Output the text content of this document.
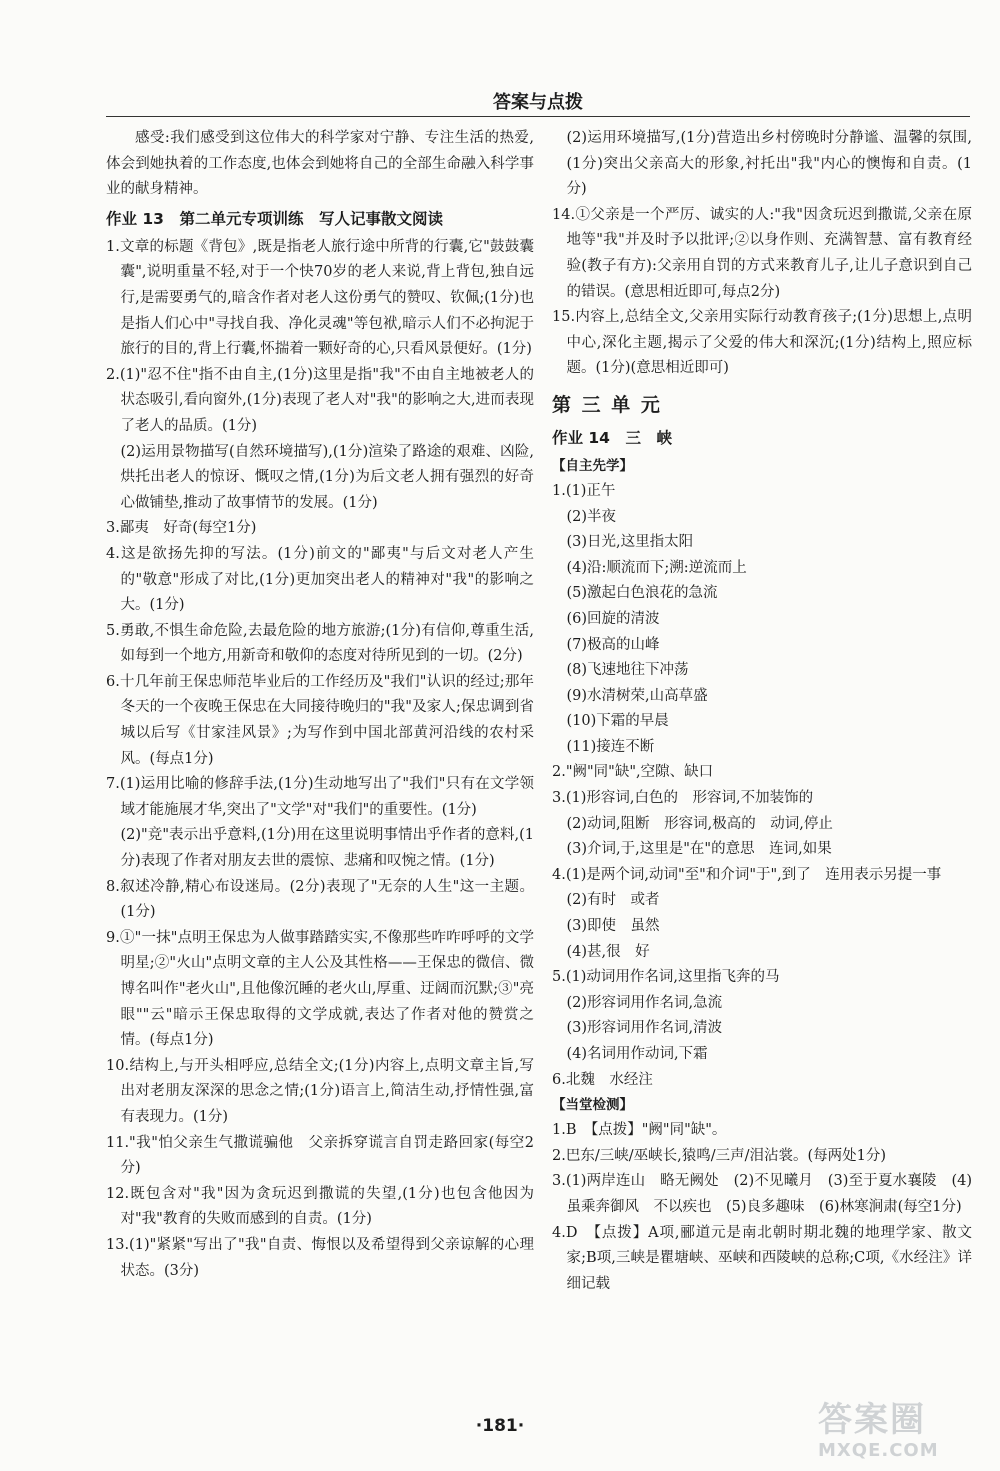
答案与点拨

感受:我们感受到这位伟大的科学家对宁静、专注生活的热爱,体会到她执着的工作态度,也体会到她将自己的全部生命融入科学事业的献身精神。

作业 13　第二单元专项训练　写人记事散文阅读

1.文章的标题《背包》,既是指老人旅行途中所背的行囊,它"鼓鼓囊囊",说明重量不轻,对于一个快70岁的老人来说,背上背包,独自远行,是需要勇气的,暗含作者对老人这份勇气的赞叹、钦佩;(1分)也是指人们心中"寻找自我、净化灵魂"等包袱,暗示人们不必拘泥于旅行的目的,背上行囊,怀揣着一颗好奇的心,只看风景便好。(1分)

2.(1)"忍不住"指不由自主,(1分)这里是指"我"不由自主地被老人的状态吸引,看向窗外,(1分)表现了老人对"我"的影响之大,进而表现了老人的品质。(1分)

(2)运用景物描写(自然环境描写),(1分)渲染了路途的艰难、凶险,烘托出老人的惊讶、慨叹之情,(1分)为后文老人拥有强烈的好奇心做铺垫,推动了故事情节的发展。(1分)

3.鄙夷　好奇(每空1分)

4.这是欲扬先抑的写法。(1分)前文的"鄙夷"与后文对老人产生的"敬意"形成了对比,(1分)更加突出老人的精神对"我"的影响之大。(1分)

5.勇敢,不惧生命危险,去最危险的地方旅游;(1分)有信仰,尊重生活,如每到一个地方,用新奇和敬仰的态度对待所见到的一切。(2分)

6.十几年前王保忠师范毕业后的工作经历及"我们"认识的经过;那年冬天的一个夜晚王保忠在大同接待晚归的"我"及家人;保忠调到省城以后写《甘家洼风景》;为写作到中国北部黄河沿线的农村采风。(每点1分)

7.(1)运用比喻的修辞手法,(1分)生动地写出了"我们"只有在文学领域才能施展才华,突出了"文学"对"我们"的重要性。(1分)

(2)"竞"表示出乎意料,(1分)用在这里说明事情出乎作者的意料,(1分)表现了作者对朋友去世的震惊、悲痛和叹惋之情。(1分)

8.叙述冷静,精心布设迷局。(2分)表现了"无奈的人生"这一主题。(1分)

9.①"一抹"点明王保忠为人做事踏踏实实,不像那些咋咋呼呼的文学明星;②"火山"点明文章的主人公及其性格——王保忠的微信、微博名叫作"老火山",且他像沉睡的老火山,厚重、迂阔而沉默;③"亮眼""云"暗示王保忠取得的文学成就,表达了作者对他的赞赏之情。(每点1分)

10.结构上,与开头相呼应,总结全文;(1分)内容上,点明文章主旨,写出对老朋友深深的思念之情;(1分)语言上,简洁生动,抒情性强,富有表现力。(1分)

11."我"怕父亲生气撒谎骗他　父亲拆穿谎言自罚走路回家(每空2分)

12.既包含对"我"因为贪玩迟到撒谎的失望,(1分)也包含他因为对"我"教育的失败而感到的自责。(1分)

13.(1)"紧紧"写出了"我"自责、悔恨以及希望得到父亲谅解的心理状态。(3分)

(2)运用环境描写,(1分)营造出乡村傍晚时分静谧、温馨的氛围,(1分)突出父亲高大的形象,衬托出"我"内心的懊悔和自责。(1分)

14.①父亲是一个严厉、诚实的人:"我"因贪玩迟到撒谎,父亲在原地等"我"并及时予以批评;②以身作则、充满智慧、富有教育经验(教子有方):父亲用自罚的方式来教育儿子,让儿子意识到自己的错误。(意思相近即可,每点2分)

15.内容上,总结全文,父亲用实际行动教育孩子;(1分)思想上,点明中心,深化主题,揭示了父爱的伟大和深沉;(1分)结构上,照应标题。(1分)(意思相近即可)

第 三 单 元
作业 14　三　峡
【自主先学】

1.(1)正午

(2)半夜

(3)日光,这里指太阳

(4)沿:顺流而下;溯:逆流而上

(5)激起白色浪花的急流

(6)回旋的清波

(7)极高的山峰

(8)飞速地往下冲荡

(9)水清树荣,山高草盛

(10)下霜的早晨

(11)接连不断

2."阙"同"缺",空隙、缺口

3.(1)形容词,白色的　形容词,不加装饰的

(2)动词,阻断　形容词,极高的　动词,停止

(3)介词,于,这里是"在"的意思　连词,如果

4.(1)是两个词,动词"至"和介词"于",到了　连用表示另提一事

(2)有时　或者

(3)即使　虽然

(4)甚,很　好

5.(1)动词用作名词,这里指飞奔的马

(2)形容词用作名词,急流

(3)形容词用作名词,清波

(4)名词用作动词,下霜

6.北魏　水经注

【当堂检测】

1.B　【点拨】"阙"同"缺"。

2.巴东/三峡/巫峡长,猿鸣/三声/泪沾裳。(每两处1分)

3.(1)两岸连山　略无阙处　(2)不见曦月　(3)至于夏水襄陵　(4)虽乘奔御风　不以疾也　(5)良多趣味　(6)林寒涧肃(每空1分)

4.D　【点拨】A项,郦道元是南北朝时期北魏的地理学家、散文家;B项,三峡是瞿塘峡、巫峡和西陵峡的总称;C项,《水经注》详细记载

·181·	答案圈
MXQE.COM
